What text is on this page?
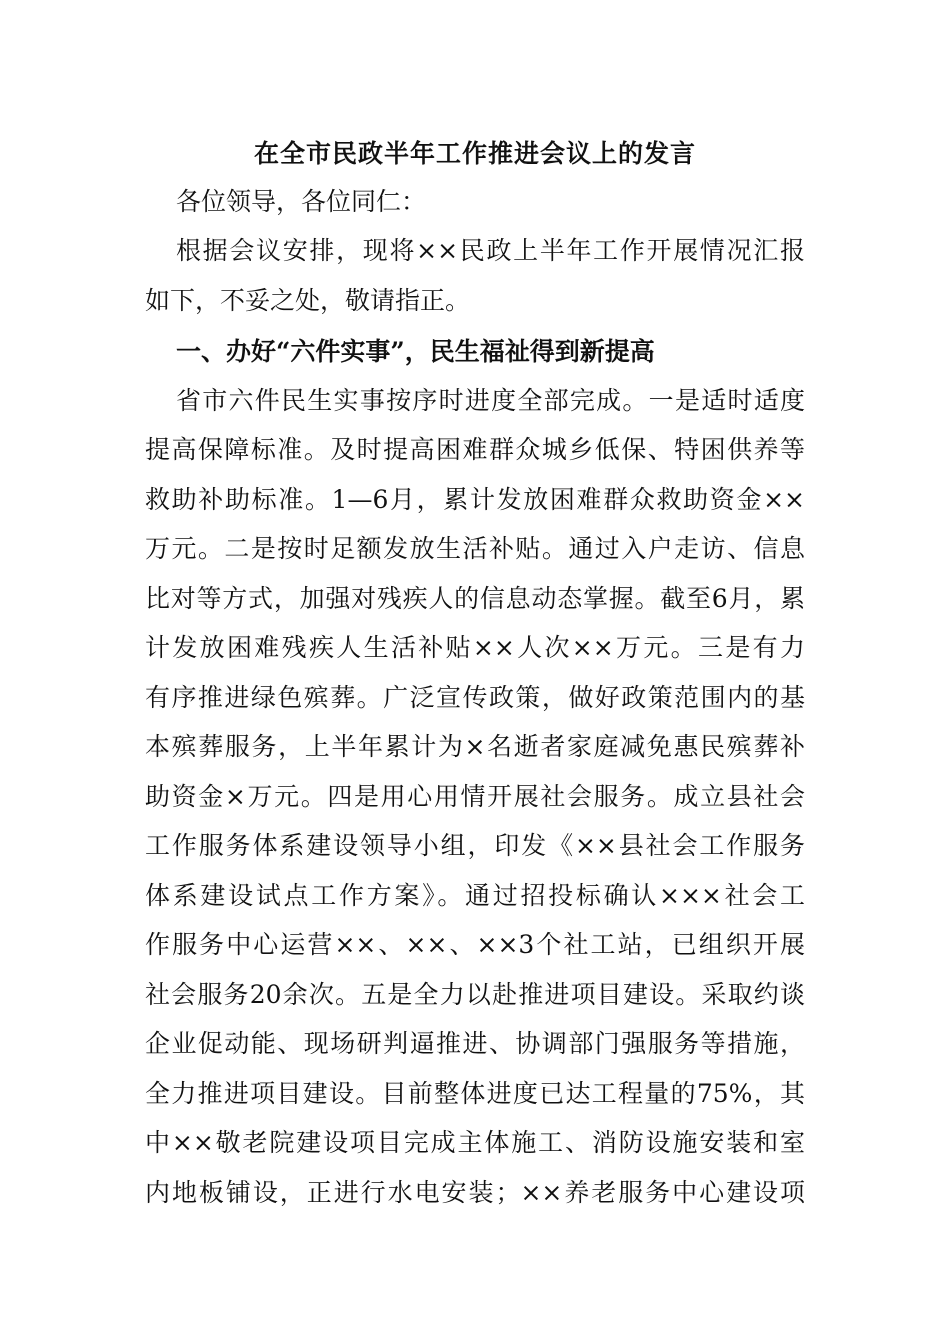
在全市民政半年工作推进会议上的发言
各位领导，各位同仁：
根据会议安排，现将××民政上半年工作开展情况汇报
如下，不妥之处，敬请指正。
一、办好“六件实事”，民生福祉得到新提高
省市六件民生实事按序时进度全部完成。一是适时适度
提高保障标准。及时提高困难群众城乡低保、特困供养等
救助补助标准。1—6月，累计发放困难群众救助资金××
万元。二是按时足额发放生活补贴。通过入户走访、信息
比对等方式，加强对残疾人的信息动态掌握。截至6月，累
计发放困难残疾人生活补贴××人次××万元。三是有力
有序推进绿色殡葬。广泛宣传政策，做好政策范围内的基
本殡葬服务，上半年累计为×名逝者家庭减免惠民殡葬补
助资金×万元。四是用心用情开展社会服务。成立县社会
工作服务体系建设领导小组，印发《××县社会工作服务
体系建设试点工作方案》。通过招投标确认×××社会工
作服务中心运营××、××、××3个社工站，已组织开展
社会服务20余次。五是全力以赴推进项目建设。采取约谈
企业促动能、现场研判逼推进、协调部门强服务等措施，
全力推进项目建设。目前整体进度已达工程量的75%，其
中××敬老院建设项目完成主体施工、消防设施安装和室
内地板铺设，正进行水电安装；××养老服务中心建设项
